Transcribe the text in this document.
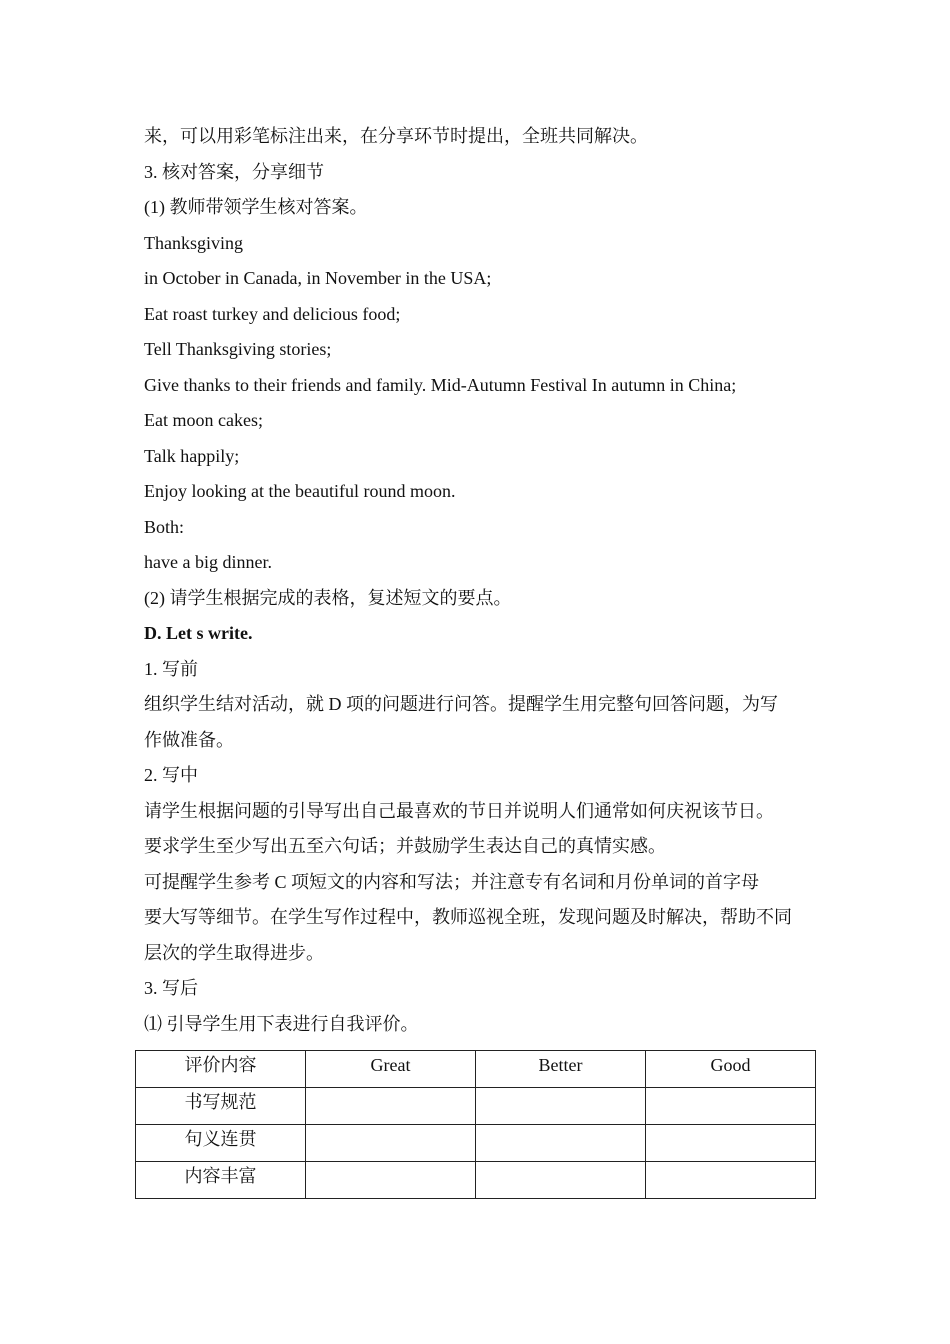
来，可以用彩笔标注出来，在分享环节时提出，全班共同解决。
3. 核对答案，分享细节
(1) 教师带领学生核对答案。
Thanksgiving
in October in Canada, in November in the USA;
Eat roast turkey and delicious food;
Tell Thanksgiving stories;
Give thanks to their friends and family. Mid-Autumn Festival In autumn in China;
Eat moon cakes;
Talk happily;
Enjoy looking at the beautiful round moon.
Both:
have a big dinner.
(2) 请学生根据完成的表格，复述短文的要点。
D. Let s write.
1. 写前
组织学生结对活动，就 D 项的问题进行问答。提醒学生用完整句回答问题，为写
作做准备。
2. 写中
请学生根据问题的引导写出自己最喜欢的节日并说明人们通常如何庆祝该节日。
要求学生至少写出五至六句话；并鼓励学生表达自己的真情实感。
可提醒学生参考 C 项短文的内容和写法；并注意专有名词和月份单词的首字母
要大写等细节。在学生写作过程中，教师巡视全班，发现问题及时解决，帮助不同
层次的学生取得进步。
3. 写后
⑴ 引导学生用下表进行自我评价。
评价内容	Great	Better	Good
书写规范			
句义连贯			
内容丰富			
